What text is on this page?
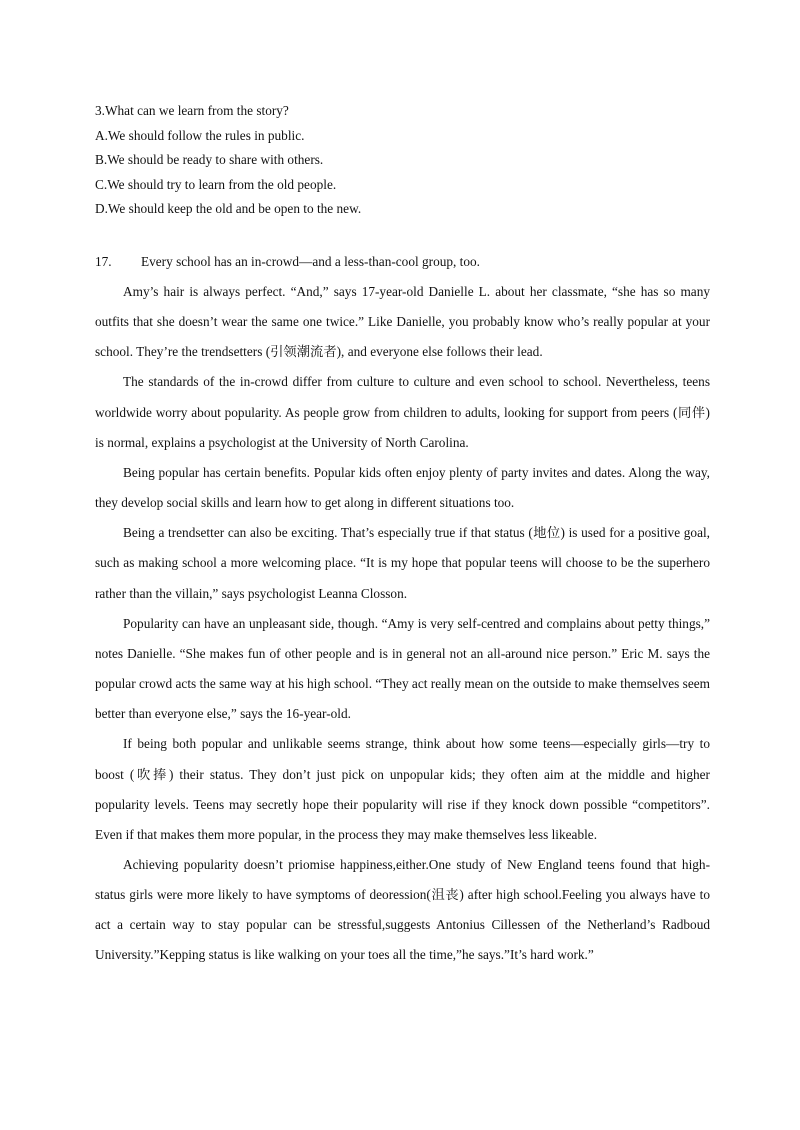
3.What can we learn from the story?
A.We should follow the rules in public.
B.We should be ready to share with others.
C.We should try to learn from the old people.
D.We should keep the old and be open to the new.
17. Every school has an in-crowd—and a less-than-cool group, too.

Amy’s hair is always perfect. “And,” says 17-year-old Danielle L. about her classmate, “she has so many outfits that she doesn’t wear the same one twice.” Like Danielle, you probably know who’s really popular at your school. They’re the trendsetters (引领潮流者), and everyone else follows their lead.

The standards of the in-crowd differ from culture to culture and even school to school. Nevertheless, teens worldwide worry about popularity. As people grow from children to adults, looking for support from peers (同伴) is normal, explains a psychologist at the University of North Carolina.

Being popular has certain benefits. Popular kids often enjoy plenty of party invites and dates. Along the way, they develop social skills and learn how to get along in different situations too.

Being a trendsetter can also be exciting. That’s especially true if that status (地位) is used for a positive goal, such as making school a more welcoming place. “It is my hope that popular teens will choose to be the superhero rather than the villain,” says psychologist Leanna Closson.

Popularity can have an unpleasant side, though. “Amy is very self-centred and complains about petty things,” notes Danielle. “She makes fun of other people and is in general not an all-around nice person.” Eric M. says the popular crowd acts the same way at his high school. “They act really mean on the outside to make themselves seem better than everyone else,” says the 16-year-old.

If being both popular and unlikable seems strange, think about how some teens—especially girls—try to boost (吹捧) their status. They don’t just pick on unpopular kids; they often aim at the middle and higher popularity levels. Teens may secretly hope their popularity will rise if they knock down possible “competitors”. Even if that makes them more popular, in the process they may make themselves less likeable.

Achieving popularity doesn’t priomise happiness,either.One study of New England teens found that high-status girls were more likely to have symptoms of deoression(沮丧) after high school.Feeling you always have to act a certain way to stay popular can be stressful,suggests Antonius Cillessen of the Netherland’s Radboud University.”Kepping status is like walking on your toes all the time,”he says.”It’s hard work.”
